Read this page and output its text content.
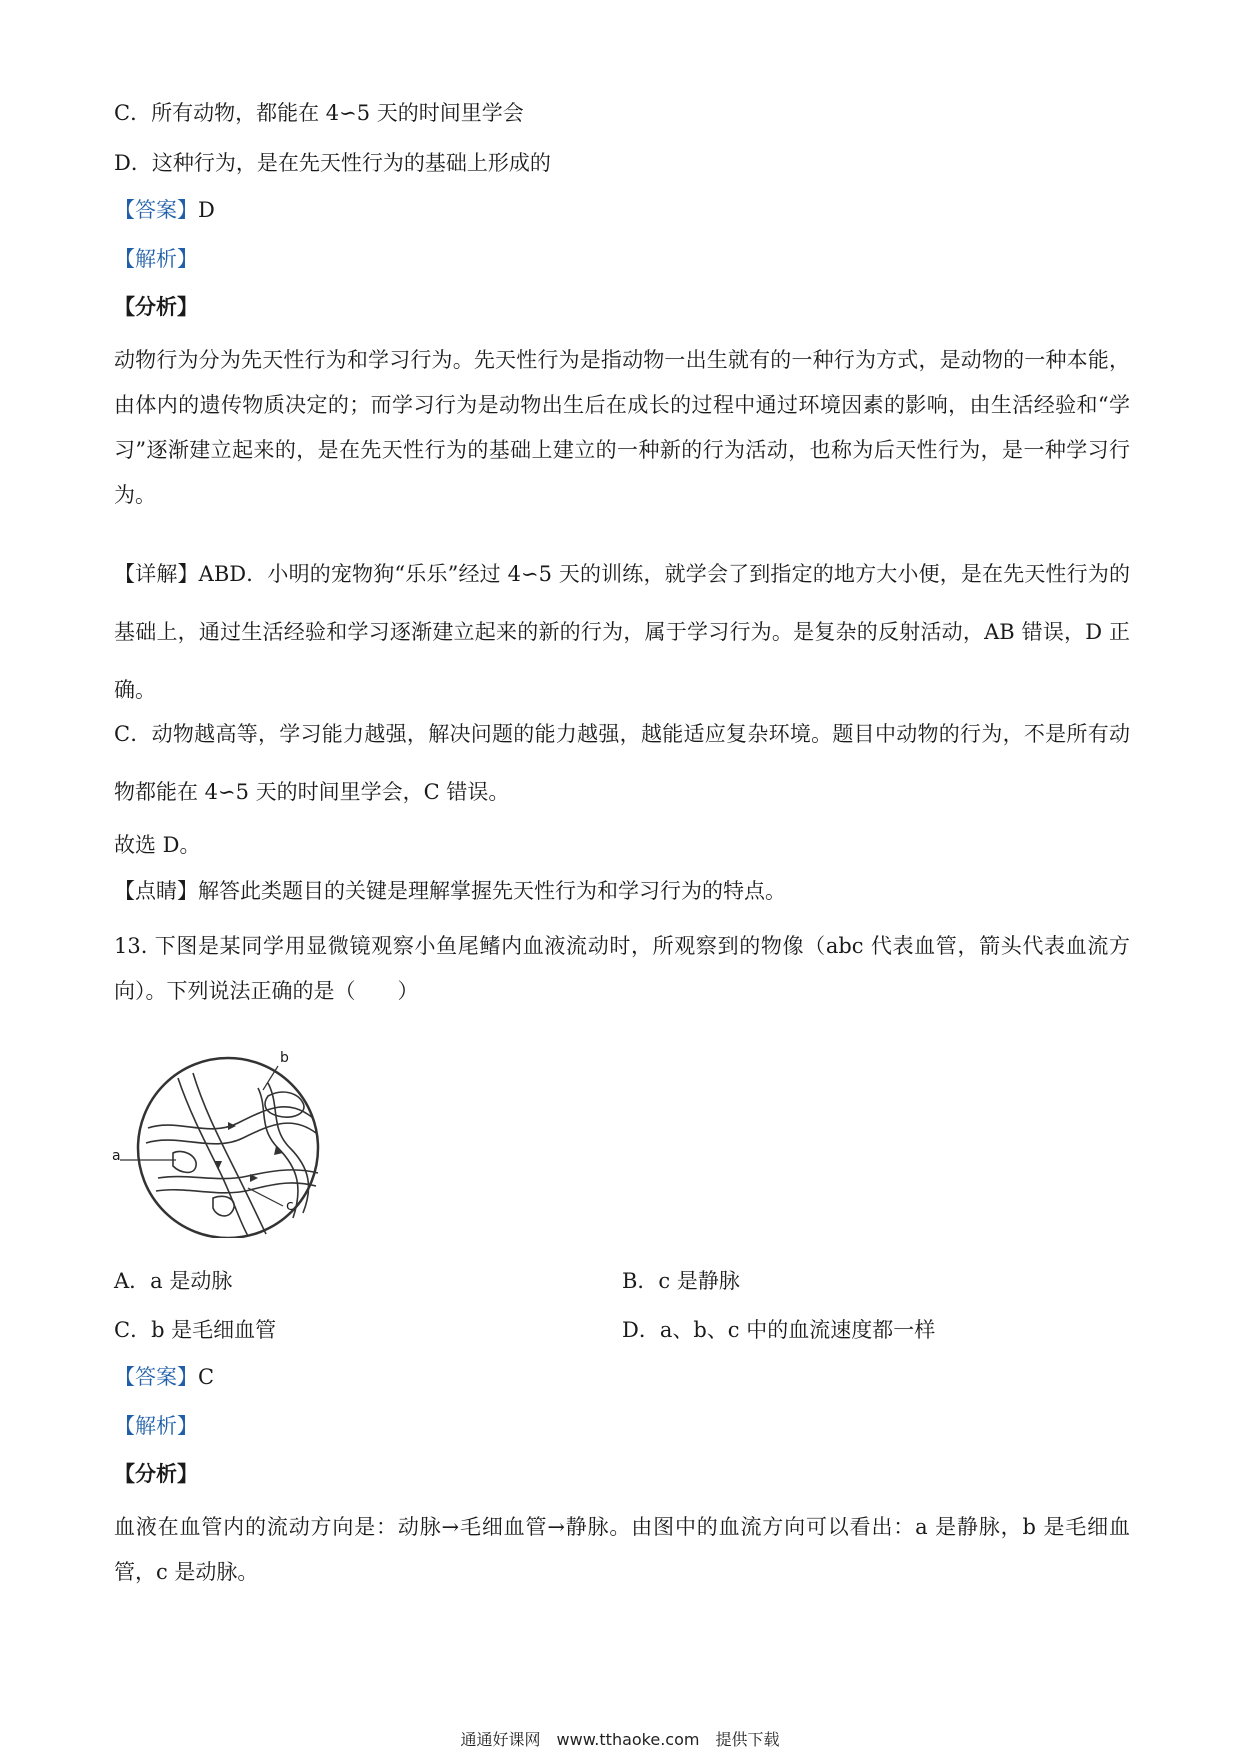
C．所有动物，都能在 4∽5 天的时间里学会
D．这种行为，是在先天性行为的基础上形成的
【答案】D
【解析】
【分析】
动物行为分为先天性行为和学习行为。先天性行为是指动物一出生就有的一种行为方式，是动物的一种本能，由体内的遗传物质决定的；而学习行为是动物出生后在成长的过程中通过环境因素的影响，由生活经验和“学习”逐渐建立起来的，是在先天性行为的基础上建立的一种新的行为活动，也称为后天性行为，是一种学习行为。
【详解】ABD．小明的宠物狗“乐乐”经过 4∽5 天的训练，就学会了到指定的地方大小便，是在先天性行为的基础上，通过生活经验和学习逐渐建立起来的新的行为，属于学习行为。是复杂的反射活动，AB 错误，D 正确。
C．动物越高等，学习能力越强，解决问题的能力越强，越能适应复杂环境。题目中动物的行为，不是所有动物都能在 4∽5 天的时间里学会，C 错误。
故选 D。
【点睛】解答此类题目的关键是理解掌握先天性行为和学习行为的特点。
13. 下图是某同学用显微镜观察小鱼尾鳍内血液流动时，所观察到的物像（abc 代表血管，箭头代表血流方向）。下列说法正确的是（　　）
a
b
c
A．a 是动脉	B．c 是静脉
C．b 是毛细血管	D．a、b、c 中的血流速度都一样
【答案】C
【解析】
【分析】
血液在血管内的流动方向是：动脉→毛细血管→静脉。由图中的血流方向可以看出：a 是静脉，b 是毛细血管，c 是动脉。
通通好课网　www.tthaoke.com　提供下载
